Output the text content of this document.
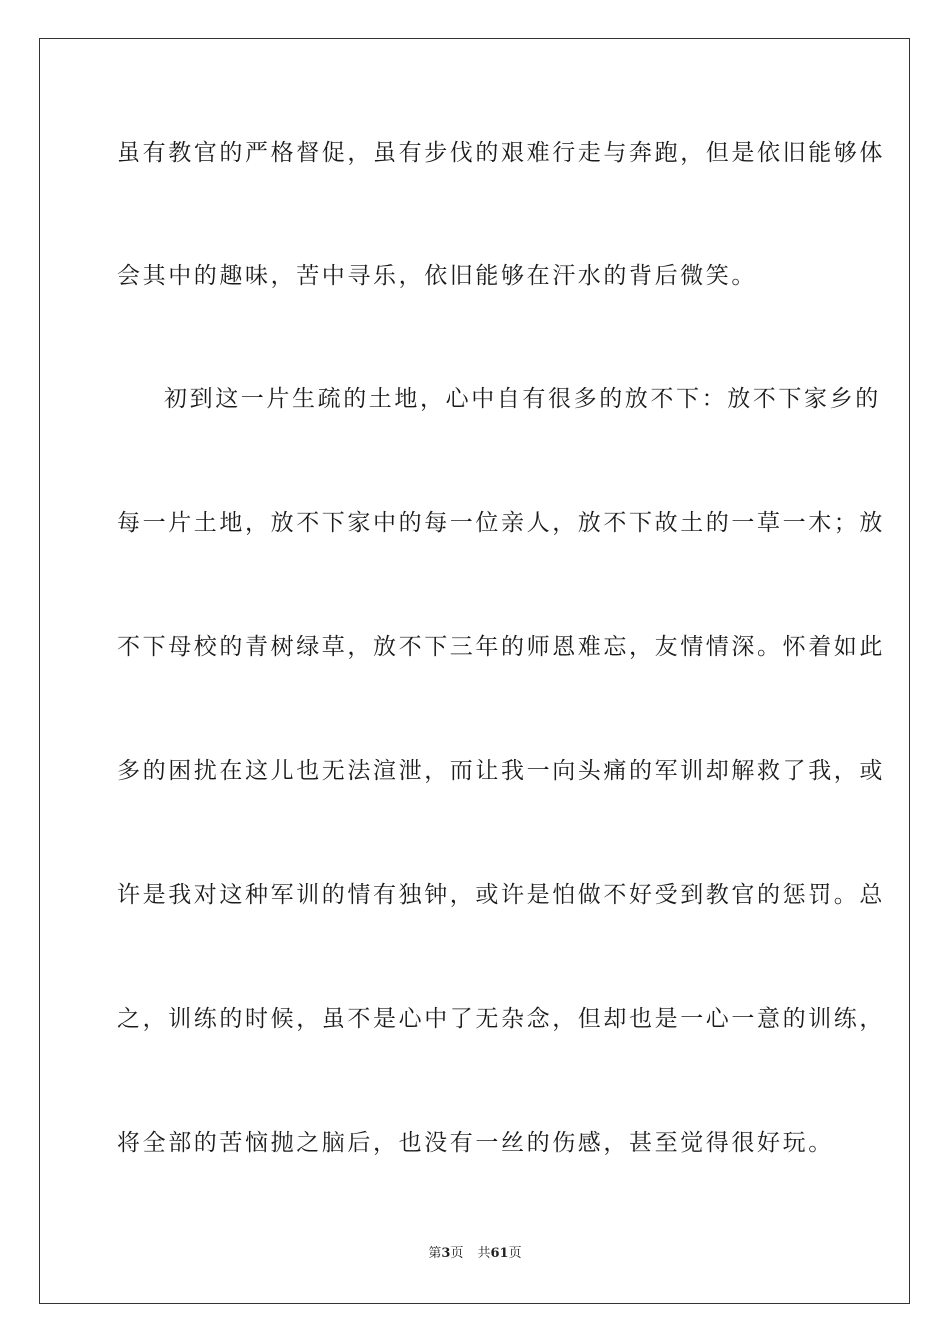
虽有教官的严格督促，虽有步伐的艰难行走与奔跑，但是依旧能够体
会其中的趣味，苦中寻乐，依旧能够在汗水的背后微笑。
初到这一片生疏的土地，心中自有很多的放不下：放不下家乡的
每一片土地，放不下家中的每一位亲人，放不下故土的一草一木；放
不下母校的青树绿草，放不下三年的师恩难忘，友情情深。怀着如此
多的困扰在这儿也无法渲泄，而让我一向头痛的军训却解救了我，或
许是我对这种军训的情有独钟，或许是怕做不好受到教官的惩罚。总
之，训练的时候，虽不是心中了无杂念，但却也是一心一意的训练，
将全部的苦恼抛之脑后，也没有一丝的伤感，甚至觉得很好玩。
第3页 共61页
